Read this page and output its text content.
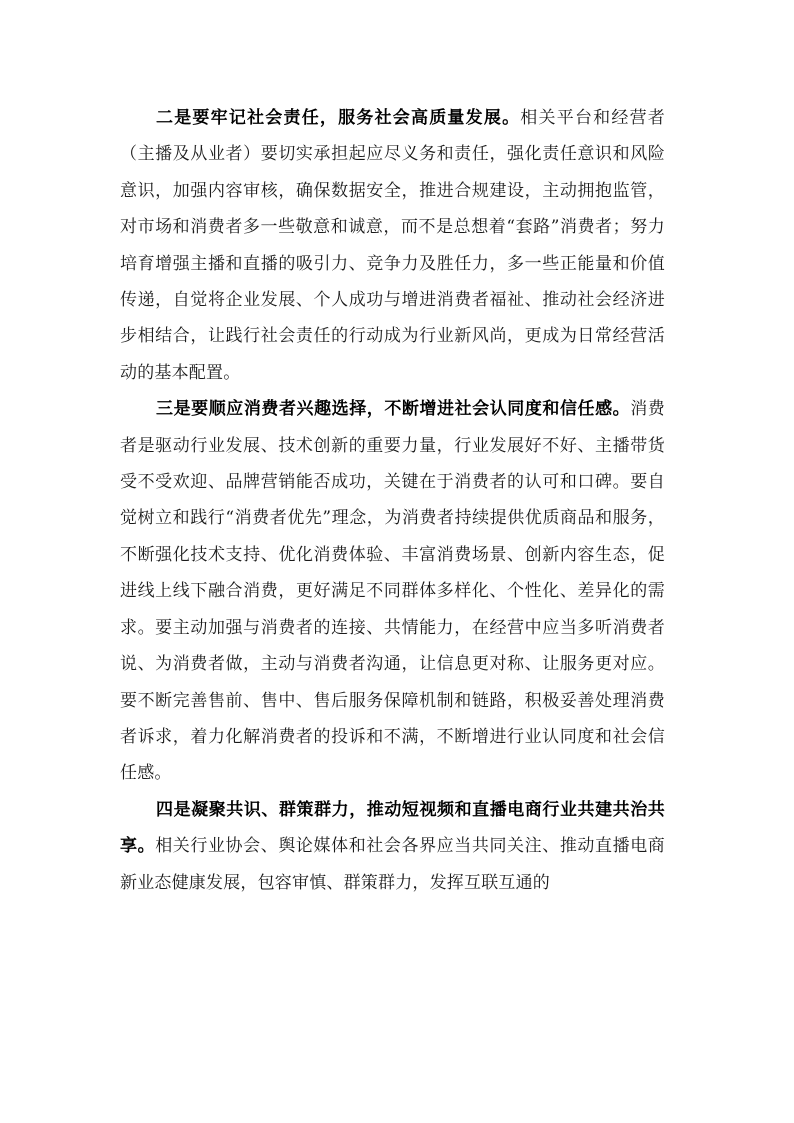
二是要牢记社会责任，服务社会高质量发展。相关平台和经营者（主播及从业者）要切实承担起应尽义务和责任，强化责任意识和风险意识，加强内容审核，确保数据安全，推进合规建设，主动拥抱监管，对市场和消费者多一些敬意和诚意，而不是总想着“套路”消费者；努力培育增强主播和直播的吸引力、竞争力及胜任力，多一些正能量和价值传递，自觉将企业发展、个人成功与增进消费者福祉、推动社会经济进步相结合，让践行社会责任的行动成为行业新风尚，更成为日常经营活动的基本配置。

三是要顺应消费者兴趣选择，不断增进社会认同度和信任感。消费者是驱动行业发展、技术创新的重要力量，行业发展好不好、主播带货受不受欢迎、品牌营销能否成功，关键在于消费者的认可和口碑。要自觉树立和践行“消费者优先”理念，为消费者持续提供优质商品和服务，不断强化技术支持、优化消费体验、丰富消费场景、创新内容生态，促进线上线下融合消费，更好满足不同群体多样化、个性化、差异化的需求。要主动加强与消费者的连接、共情能力，在经营中应当多听消费者说、为消费者做，主动与消费者沟通，让信息更对称、让服务更对应。要不断完善售前、售中、售后服务保障机制和链路，积极妥善处理消费者诉求，着力化解消费者的投诉和不满，不断增进行业认同度和社会信任感。

四是凝聚共识、群策群力，推动短视频和直播电商行业共建共治共享。相关行业协会、舆论媒体和社会各界应当共同关注、推动直播电商新业态健康发展，包容审慎、群策群力，发挥互联互通的
